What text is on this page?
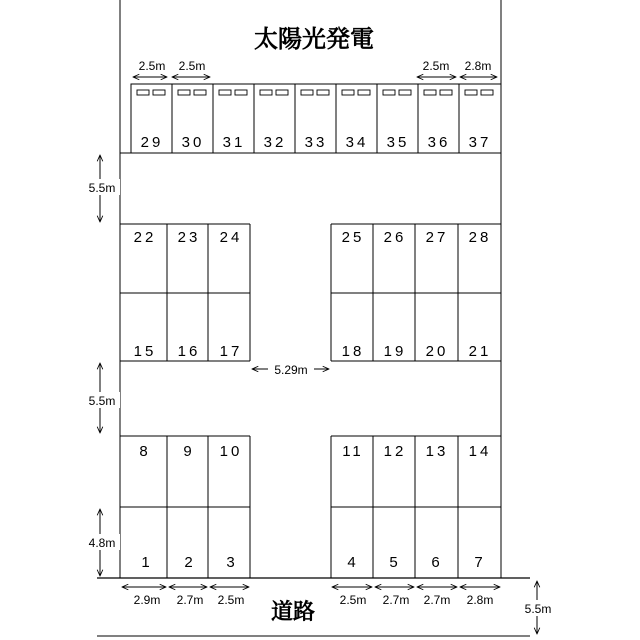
太陽光発電
2.5m 2.5m	2.5m 2.8m
29 30 31 32 33 34 35 36 37
5.5m
22 23 24	25 26 27 28
15 16 17	18 19 20 21
5.29m
5.5m
8 9 10	11 12 13 14
1 2 3	4 5 6 7
4.8m
2.9m 2.7m 2.5m	2.5m 2.7m 2.7m 2.8m
道路	5.5m
